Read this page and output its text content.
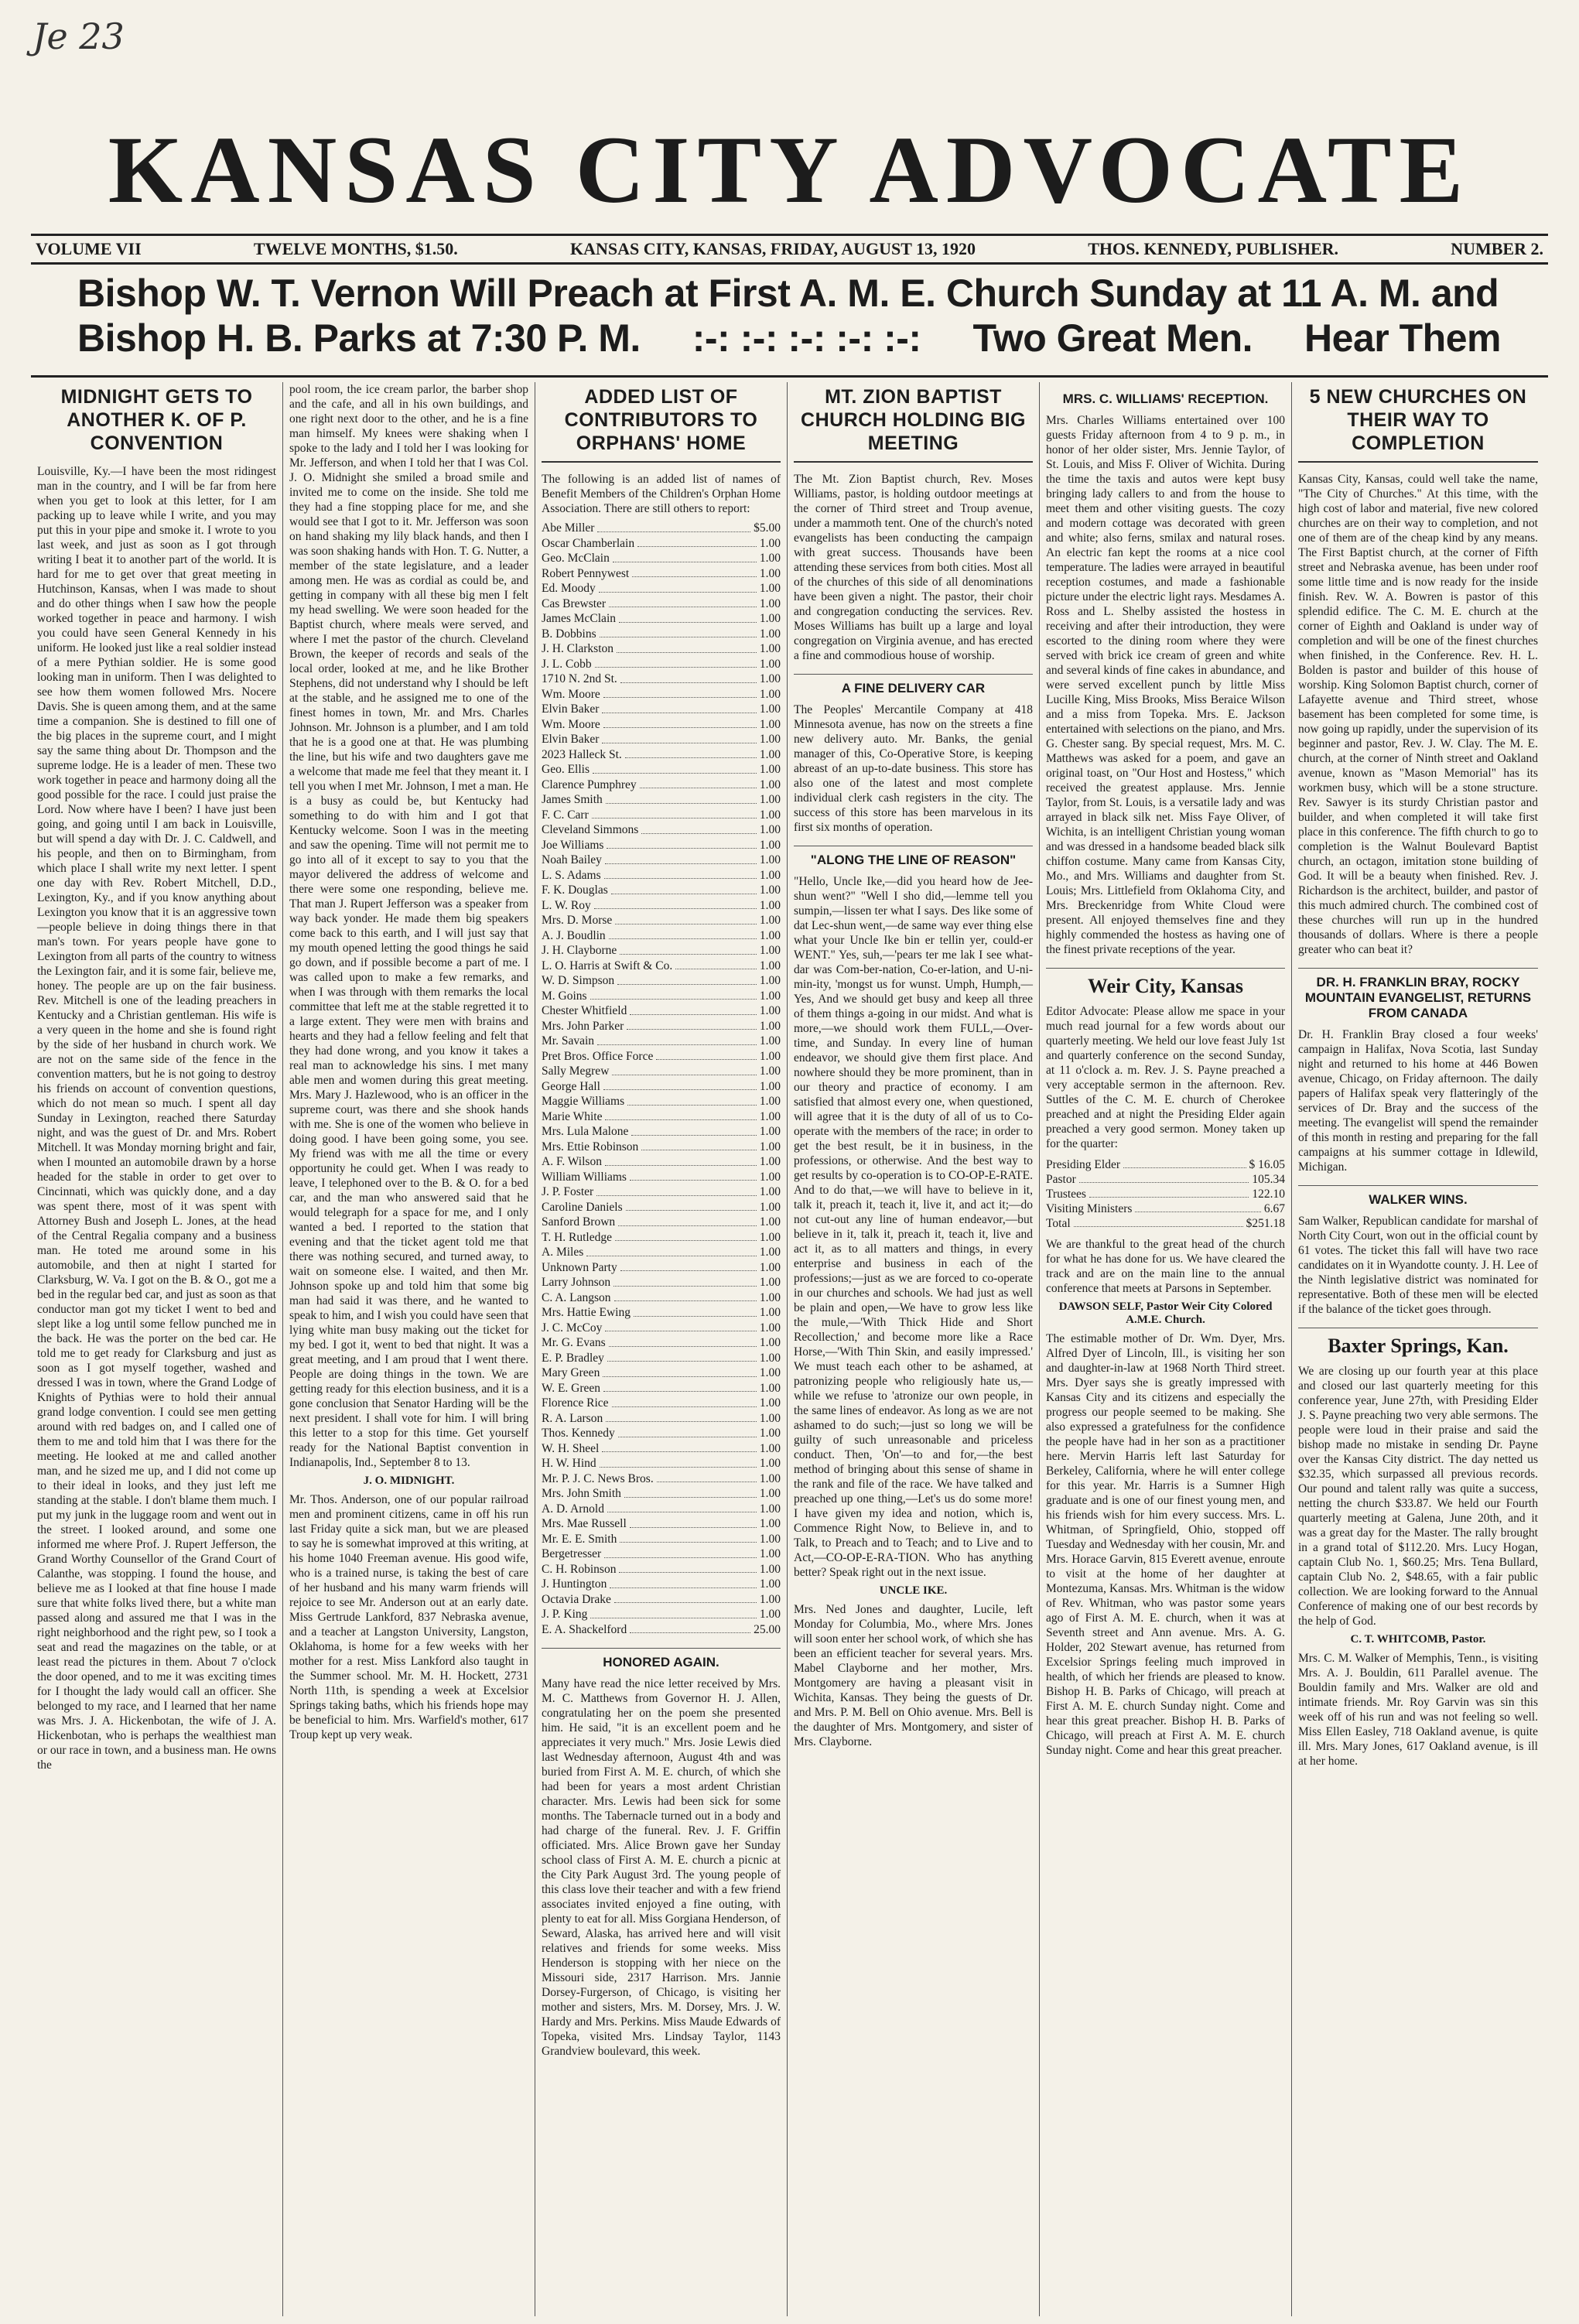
Je 23
KANSAS CITY ADVOCATE
VOLUME VII	TWELVE MONTHS, $1.50.	KANSAS CITY, KANSAS, FRIDAY, AUGUST 13, 1920	THOS. KENNEDY, PUBLISHER.	NUMBER 2.
Bishop W. T. Vernon Will Preach at First A. M. E. Church Sunday at 11 A. M. and
Bishop H. B. Parks at 7:30 P. M. :-: :-: :-: :-: :-: Two Great Men. Hear Them
MIDNIGHT GETS TO ANOTHER K. OF P. CONVENTION

Louisville, Ky.—I have been the most ridingest man in the country, and I will be far from here when you get to look at this letter, for I am packing up to leave while I write, and you may put this in your pipe and smoke it. I wrote to you last week, and just as soon as I got through writing I beat it to another part of the world. It is hard for me to get over that great meeting in Hutchinson, Kansas, when I was made to shout and do other things when I saw how the people worked together in peace and harmony. I wish you could have seen General Kennedy in his uniform. He looked just like a real soldier instead of a mere Pythian soldier. He is some good looking man in uniform. Then I was delighted to see how them women followed Mrs. Nocere Davis. She is queen among them, and at the same time a companion. She is destined to fill one of the big places in the supreme court, and I might say the same thing about Dr. Thompson and the supreme lodge. He is a leader of men. These two work together in peace and harmony doing all the good possible for the race. I could just praise the Lord. Now where have I been? I have just been going, and going until I am back in Louisville, but will spend a day with Dr. J. C. Caldwell, and his people, and then on to Birmingham, from which place I shall write my next letter. I spent one day with Rev. Robert Mitchell, D.D., Lexington, Ky., and if you know anything about Lexington you know that it is an aggressive town—people believe in doing things there in that man's town. For years people have gone to Lexington from all parts of the country to witness the Lexington fair, and it is some fair, believe me, honey. The people are up on the fair business. Rev. Mitchell is one of the leading preachers in Kentucky and a Christian gentleman. His wife is a very queen in the home and she is found right by the side of her husband in church work. We are not on the same side of the fence in the convention matters, but he is not going to destroy his friends on account of convention questions, which do not mean so much. I spent all day Sunday in Lexington, reached there Saturday night, and was the guest of Dr. and Mrs. Robert Mitchell. It was Monday morning bright and fair, when I mounted an automobile drawn by a horse headed for the stable in order to get over to Cincinnati, which was quickly done, and a day was spent there, most of it was spent with Attorney Bush and Joseph L. Jones, at the head of the Central Regalia company and a business man. He toted me around some in his automobile, and then at night I started for Clarksburg, W. Va. I got on the B. & O., got me a bed in the regular bed car, and just as soon as that conductor man got my ticket I went to bed and slept like a log until some fellow punched me in the back. He was the porter on the bed car. He told me to get ready for Clarksburg and just as soon as I got myself together, washed and dressed I was in town, where the Grand Lodge of Knights of Pythias were to hold their annual grand lodge convention. I could see men getting around with red badges on, and I called one of them to me and told him that I was there for the meeting. He looked at me and called another man, and he sized me up, and I did not come up to their ideal in looks, and they just left me standing at the stable. I don't blame them much. I put my junk in the luggage room and went out in the street. I looked around, and some one informed me where Prof. J. Rupert Jefferson, the Grand Worthy Counsellor of the Grand Court of Calanthe, was stopping. I found the house, and believe me as I looked at that fine house I made sure that white folks lived there, but a white man passed along and assured me that I was in the right neighborhood and the right pew, so I took a seat and read the magazines on the table, or at least read the pictures in them. About 7 o'clock the door opened, and to me it was exciting times for I thought the lady would call an officer. She belonged to my race, and I learned that her name was Mrs. J. A. Hickenbotan, the wife of J. A. Hickenbotan, who is perhaps the wealthiest man or our race in town, and a business man. He owns the

pool room, the ice cream parlor, the barber shop and the cafe, and all in his own buildings, and one right next door to the other, and he is a fine man himself. My knees were shaking when I spoke to the lady and I told her I was looking for Mr. Jefferson, and when I told her that I was Col. J. O. Midnight she smiled a broad smile and invited me to come on the inside. She told me they had a fine stopping place for me, and she would see that I got to it. Mr. Jefferson was soon on hand shaking my lily black hands, and then I was soon shaking hands with Hon. T. G. Nutter, a member of the state legislature, and a leader among men. He was as cordial as could be, and getting in company with all these big men I felt my head swelling. We were soon headed for the Baptist church, where meals were served, and where I met the pastor of the church. Cleveland Brown, the keeper of records and seals of the local order, looked at me, and he like Brother Stephens, did not understand why I should be left at the stable, and he assigned me to one of the finest homes in town, Mr. and Mrs. Charles Johnson. Mr. Johnson is a plumber, and I am told that he is a good one at that. He was plumbing the line, but his wife and two daughters gave me a welcome that made me feel that they meant it. I tell you when I met Mr. Johnson, I met a man. He is a busy as could be, but Kentucky had something to do with him and I got that Kentucky welcome. Soon I was in the meeting and saw the opening. Time will not permit me to go into all of it except to say to you that the mayor delivered the address of welcome and there were some one responding, believe me. That man J. Rupert Jefferson was a speaker from way back yonder. He made them big speakers come back to this earth, and I will just say that my mouth opened letting the good things he said go down, and if possible become a part of me. I was called upon to make a few remarks, and when I was through with them remarks the local committee that left me at the stable regretted it to a large extent. They were men with brains and hearts and they had a fellow feeling and felt that they had done wrong, and you know it takes a real man to acknowledge his sins. I met many able men and women during this great meeting. Mrs. Mary J. Hazlewood, who is an officer in the supreme court, was there and she shook hands with me. She is one of the women who believe in doing good. I have been going some, you see. My friend was with me all the time or every opportunity he could get. When I was ready to leave, I telephoned over to the B. & O. for a bed car, and the man who answered said that he would telegraph for a space for me, and I only wanted a bed. I reported to the station that evening and that the ticket agent told me that there was nothing secured, and turned away, to wait on someone else. I waited, and then Mr. Johnson spoke up and told him that some big man had said it was there, and he wanted to speak to him, and I wish you could have seen that lying white man busy making out the ticket for my bed. I got it, went to bed that night. It was a great meeting, and I am proud that I went there. People are doing things in the town. We are getting ready for this election business, and it is a gone conclusion that Senator Harding will be the next president. I shall vote for him. I will bring this letter to a stop for this time. Get yourself ready for the National Baptist convention in Indianapolis, Ind., September 8 to 13.

J. O. MIDNIGHT.

Mr. Thos. Anderson, one of our popular railroad men and prominent citizens, came in off his run last Friday quite a sick man, but we are pleased to say he is somewhat improved at this writing, at his home 1040 Freeman avenue. His good wife, who is a trained nurse, is taking the best of care of her husband and his many warm friends will rejoice to see Mr. Anderson out at an early date. Miss Gertrude Lankford, 837 Nebraska avenue, and a teacher at Langston University, Langston, Oklahoma, is home for a few weeks with her mother for a rest. Miss Lankford also taught in the Summer school. Mr. M. H. Hockett, 2731 North 11th, is spending a week at Excelsior Springs taking baths, which his friends hope may be beneficial to him. Mrs. Warfield's mother, 617 Troup kept up very weak.

ADDED LIST OF CONTRIBUTORS TO ORPHANS' HOME

The following is an added list of names of Benefit Members of the Children's Orphan Home Association. There are still others to report:

Abe Miller	$5.00
Oscar Chamberlain	1.00
Geo. McClain	1.00
Robert Pennywest	1.00
Ed. Moody	1.00
Cas Brewster	1.00
James McClain	1.00
B. Dobbins	1.00
J. H. Clarkston	1.00
J. L. Cobb	1.00
1710 N. 2nd St.	1.00
Wm. Moore	1.00
Elvin Baker	1.00
Wm. Moore	1.00
Elvin Baker	1.00
2023 Halleck St.	1.00
Geo. Ellis	1.00
Clarence Pumphrey	1.00
James Smith	1.00
F. C. Carr	1.00
Cleveland Simmons	1.00
Joe Williams	1.00
Noah Bailey	1.00
L. S. Adams	1.00
F. K. Douglas	1.00
L. W. Roy	1.00
Mrs. D. Morse	1.00
A. J. Boudlin	1.00
J. H. Clayborne	1.00
L. O. Harris at Swift & Co.	1.00
W. D. Simpson	1.00
M. Goins	1.00
Chester Whitfield	1.00
Mrs. John Parker	1.00
Mr. Savain	1.00
Pret Bros. Office Force	1.00
Sally Megrew	1.00
George Hall	1.00
Maggie Williams	1.00
Marie White	1.00
Mrs. Lula Malone	1.00
Mrs. Ettie Robinson	1.00
A. F. Wilson	1.00
William Williams	1.00
J. P. Foster	1.00
Caroline Daniels	1.00
Sanford Brown	1.00
T. H. Rutledge	1.00
A. Miles	1.00
Unknown Party	1.00
Larry Johnson	1.00
C. A. Langson	1.00
Mrs. Hattie Ewing	1.00
J. C. McCoy	1.00
Mr. G. Evans	1.00
E. P. Bradley	1.00
Mary Green	1.00
W. E. Green	1.00
Florence Rice	1.00
R. A. Larson	1.00
Thos. Kennedy	1.00
W. H. Sheel	1.00
H. W. Hind	1.00
Mr. P. J. C. News Bros.	1.00
Mrs. John Smith	1.00
A. D. Arnold	1.00
Mrs. Mae Russell	1.00
Mr. E. E. Smith	1.00
Bergetresser	1.00
C. H. Robinson	1.00
J. Huntington	1.00
Octavia Drake	1.00
J. P. King	1.00
E. A. Shackelford	25.00
HONORED AGAIN.

Many have read the nice letter received by Mrs. M. C. Matthews from Governor H. J. Allen, congratulating her on the poem she presented him. He said, "it is an excellent poem and he appreciates it very much." Mrs. Josie Lewis died last Wednesday afternoon, August 4th and was buried from First A. M. E. church, of which she had been for years a most ardent Christian character. Mrs. Lewis had been sick for some months. The Tabernacle turned out in a body and had charge of the funeral. Rev. J. F. Griffin officiated. Mrs. Alice Brown gave her Sunday school class of First A. M. E. church a picnic at the City Park August 3rd. The young people of this class love their teacher and with a few friend associates invited enjoyed a fine outing, with plenty to eat for all. Miss Gorgiana Henderson, of Seward, Alaska, has arrived here and will visit relatives and friends for some weeks. Miss Henderson is stopping with her niece on the Missouri side, 2317 Harrison. Mrs. Jannie Dorsey-Furgerson, of Chicago, is visiting her mother and sisters, Mrs. M. Dorsey, Mrs. J. W. Hardy and Mrs. Perkins. Miss Maude Edwards of Topeka, visited Mrs. Lindsay Taylor, 1143 Grandview boulevard, this week.

MT. ZION BAPTIST CHURCH HOLDING BIG MEETING

The Mt. Zion Baptist church, Rev. Moses Williams, pastor, is holding outdoor meetings at the corner of Third street and Troup avenue, under a mammoth tent. One of the church's noted evangelists has been conducting the campaign with great success. Thousands have been attending these services from both cities. Most all of the churches of this side of all denominations have been given a night. The pastor, their choir and congregation conducting the services. Rev. Moses Williams has built up a large and loyal congregation on Virginia avenue, and has erected a fine and commodious house of worship.

A FINE DELIVERY CAR

The Peoples' Mercantile Company at 418 Minnesota avenue, has now on the streets a fine new delivery auto. Mr. Banks, the genial manager of this, Co-Operative Store, is keeping abreast of an up-to-date business. This store has also one of the latest and most complete individual clerk cash registers in the city. The success of this store has been marvelous in its first six months of operation.

"ALONG THE LINE OF REASON"

"Hello, Uncle Ike,—did you heard how de Jee-shun went?" "Well I sho did,—lemme tell you sumpin,—lissen ter what I says. Des like some of dat Lec-shun went,—de same way ever thing else what your Uncle Ike bin er tellin yer, could-er WENT." Yes, suh,—'pears ter me lak I see what-dar was Com-ber-nation, Co-er-lation, and U-ni-min-ity, 'mongst us for wunst. Umph, Humph,—Yes, And we should get busy and keep all three of them things a-going in our midst. And what is more,—we should work them FULL,—Over-time, and Sunday. In every line of human endeavor, we should give them first place. And nowhere should they be more prominent, than in our theory and practice of economy. I am satisfied that almost every one, when questioned, will agree that it is the duty of all of us to Co-operate with the members of the race; in order to get the best result, be it in business, in the professions, or otherwise. And the best way to get results by co-operation is to CO-OP-E-RATE. And to do that,—we will have to believe in it, talk it, preach it, teach it, live it, and act it;—do not cut-out any line of human endeavor,—but believe in it, talk it, preach it, teach it, live and act it, as to all matters and things, in every enterprise and business in each of the professions;—just as we are forced to co-operate in our churches and schools. We had just as well be plain and open,—We have to grow less like the mule,—'With Thick Hide and Short Recollection,' and become more like a Race Horse,—'With Thin Skin, and easily impressed.' We must teach each other to be ashamed, at patronizing people who religiously hate us,—while we refuse to 'atronize our own people, in the same lines of endeavor. As long as we are not ashamed to do such;—just so long we will be guilty of such unreasonable and priceless conduct. Then, 'On'—to and for,—the best method of bringing about this sense of shame in the rank and file of the race. We have talked and preached up one thing,—Let's us do some more! I have given my idea and notion, which is, Commence Right Now, to Believe in, and to Talk, to Preach and to Teach; and to Live and to Act,—CO-OP-E-RA-TION. Who has anything better? Speak right out in the next issue.

UNCLE IKE.

Mrs. Ned Jones and daughter, Lucile, left Monday for Columbia, Mo., where Mrs. Jones will soon enter her school work, of which she has been an efficient teacher for several years. Mrs. Mabel Clayborne and her mother, Mrs. Montgomery are having a pleasant visit in Wichita, Kansas. They being the guests of Dr. and Mrs. P. M. Bell on Ohio avenue. Mrs. Bell is the daughter of Mrs. Montgomery, and sister of Mrs. Clayborne.

MRS. C. WILLIAMS' RECEPTION.

Mrs. Charles Williams entertained over 100 guests Friday afternoon from 4 to 9 p. m., in honor of her older sister, Mrs. Jennie Taylor, of St. Louis, and Miss F. Oliver of Wichita. During the time the taxis and autos were kept busy bringing lady callers to and from the house to meet them and other visiting guests. The cozy and modern cottage was decorated with green and white; also ferns, smilax and natural roses. An electric fan kept the rooms at a nice cool temperature. The ladies were arrayed in beautiful reception costumes, and made a fashionable picture under the electric light rays. Mesdames A. Ross and L. Shelby assisted the hostess in receiving and after their introduction, they were escorted to the dining room where they were served with brick ice cream of green and white and several kinds of fine cakes in abundance, and were served excellent punch by little Miss Lucille King, Miss Brooks, Miss Beraice Wilson and a miss from Topeka. Mrs. E. Jackson entertained with selections on the piano, and Mrs. G. Chester sang. By special request, Mrs. M. C. Matthews was asked for a poem, and gave an original toast, on "Our Host and Hostess," which received the greatest applause. Mrs. Jennie Taylor, from St. Louis, is a versatile lady and was arrayed in black silk net. Miss Faye Oliver, of Wichita, is an intelligent Christian young woman and was dressed in a handsome beaded black silk chiffon costume. Many came from Kansas City, Mo., and Mrs. Williams and daughter from St. Louis; Mrs. Littlefield from Oklahoma City, and Mrs. Breckenridge from White Cloud were present. All enjoyed themselves fine and they highly commended the hostess as having one of the finest private receptions of the year.

Weir City, Kansas

Editor Advocate: Please allow me space in your much read journal for a few words about our quarterly meeting. We held our love feast July 1st and quarterly conference on the second Sunday, at 11 o'clock a. m. Rev. J. S. Payne preached a very acceptable sermon in the afternoon. Rev. Suttles of the C. M. E. church of Cherokee preached and at night the Presiding Elder again preached a very good sermon. Money taken up for the quarter:

Presiding Elder	$ 16.05
Pastor	105.34
Trustees	122.10
Visiting Ministers	6.67
Total	$251.18

We are thankful to the great head of the church for what he has done for us. We have cleared the track and are on the main line to the annual conference that meets at Parsons in September.

DAWSON SELF, Pastor Weir City Colored A.M.E. Church.

The estimable mother of Dr. Wm. Dyer, Mrs. Alfred Dyer of Lincoln, Ill., is visiting her son and daughter-in-law at 1968 North Third street. Mrs. Dyer says she is greatly impressed with Kansas City and its citizens and especially the progress our people seemed to be making. She also expressed a gratefulness for the confidence the people have had in her son as a practitioner here. Mervin Harris left last Saturday for Berkeley, California, where he will enter college for this year. Mr. Harris is a Sumner High graduate and is one of our finest young men, and his friends wish for him every success. Mrs. L. Whitman, of Springfield, Ohio, stopped off Tuesday and Wednesday with her cousin, Mr. and Mrs. Horace Garvin, 815 Everett avenue, enroute to visit at the home of her daughter at Montezuma, Kansas. Mrs. Whitman is the widow of Rev. Whitman, who was pastor some years ago of First A. M. E. church, when it was at Seventh street and Ann avenue. Mrs. A. G. Holder, 202 Stewart avenue, has returned from Excelsior Springs feeling much improved in health, of which her friends are pleased to know. Bishop H. B. Parks of Chicago, will preach at First A. M. E. church Sunday night. Come and hear this great preacher. Bishop H. B. Parks of Chicago, will preach at First A. M. E. church Sunday night. Come and hear this great preacher.

5 NEW CHURCHES ON THEIR WAY TO COMPLETION

Kansas City, Kansas, could well take the name, "The City of Churches." At this time, with the high cost of labor and material, five new colored churches are on their way to completion, and not one of them are of the cheap kind by any means. The First Baptist church, at the corner of Fifth street and Nebraska avenue, has been under roof some little time and is now ready for the inside finish. Rev. W. A. Bowren is pastor of this splendid edifice. The C. M. E. church at the corner of Eighth and Oakland is under way of completion and will be one of the finest churches when finished, in the Conference. Rev. H. L. Bolden is pastor and builder of this house of worship. King Solomon Baptist church, corner of Lafayette avenue and Third street, whose basement has been completed for some time, is now going up rapidly, under the supervision of its beginner and pastor, Rev. J. W. Clay. The M. E. church, at the corner of Ninth street and Oakland avenue, known as "Mason Memorial" has its workmen busy, which will be a stone structure. Rev. Sawyer is its sturdy Christian pastor and builder, and when completed it will take first place in this conference. The fifth church to go to completion is the Walnut Boulevard Baptist church, an octagon, imitation stone building of God. It will be a beauty when finished. Rev. J. Richardson is the architect, builder, and pastor of this much admired church. The combined cost of these churches will run up in the hundred thousands of dollars. Where is there a people greater who can beat it?

DR. H. FRANKLIN BRAY, ROCKY MOUNTAIN EVANGELIST, RETURNS FROM CANADA

Dr. H. Franklin Bray closed a four weeks' campaign in Halifax, Nova Scotia, last Sunday night and returned to his home at 446 Bowen avenue, Chicago, on Friday afternoon. The daily papers of Halifax speak very flatteringly of the services of Dr. Bray and the success of the meeting. The evangelist will spend the remainder of this month in resting and preparing for the fall campaigns at his summer cottage in Idlewild, Michigan.

WALKER WINS.

Sam Walker, Republican candidate for marshal of North City Court, won out in the official count by 61 votes. The ticket this fall will have two race candidates on it in Wyandotte county. J. H. Lee of the Ninth legislative district was nominated for representative. Both of these men will be elected if the balance of the ticket goes through.

Baxter Springs, Kan.

We are closing up our fourth year at this place and closed our last quarterly meeting for this conference year, June 27th, with Presiding Elder J. S. Payne preaching two very able sermons. The people were loud in their praise and said the bishop made no mistake in sending Dr. Payne over the Kansas City district. The day netted us $32.35, which surpassed all previous records. Our pound and talent rally was quite a success, netting the church $33.87. We held our Fourth quarterly meeting at Galena, June 20th, and it was a great day for the Master. The rally brought in a grand total of $112.20. Mrs. Lucy Hogan, captain Club No. 1, $60.25; Mrs. Tena Bullard, captain Club No. 2, $48.65, with a fair public collection. We are looking forward to the Annual Conference of making one of our best records by the help of God.

C. T. WHITCOMB, Pastor.

Mrs. C. M. Walker of Memphis, Tenn., is visiting Mrs. A. J. Bouldin, 611 Parallel avenue. The Bouldin family and Mrs. Walker are old and intimate friends. Mr. Roy Garvin was sin this week off of his run and was not feeling so well. Miss Ellen Easley, 718 Oakland avenue, is quite ill. Mrs. Mary Jones, 617 Oakland avenue, is ill at her home.
